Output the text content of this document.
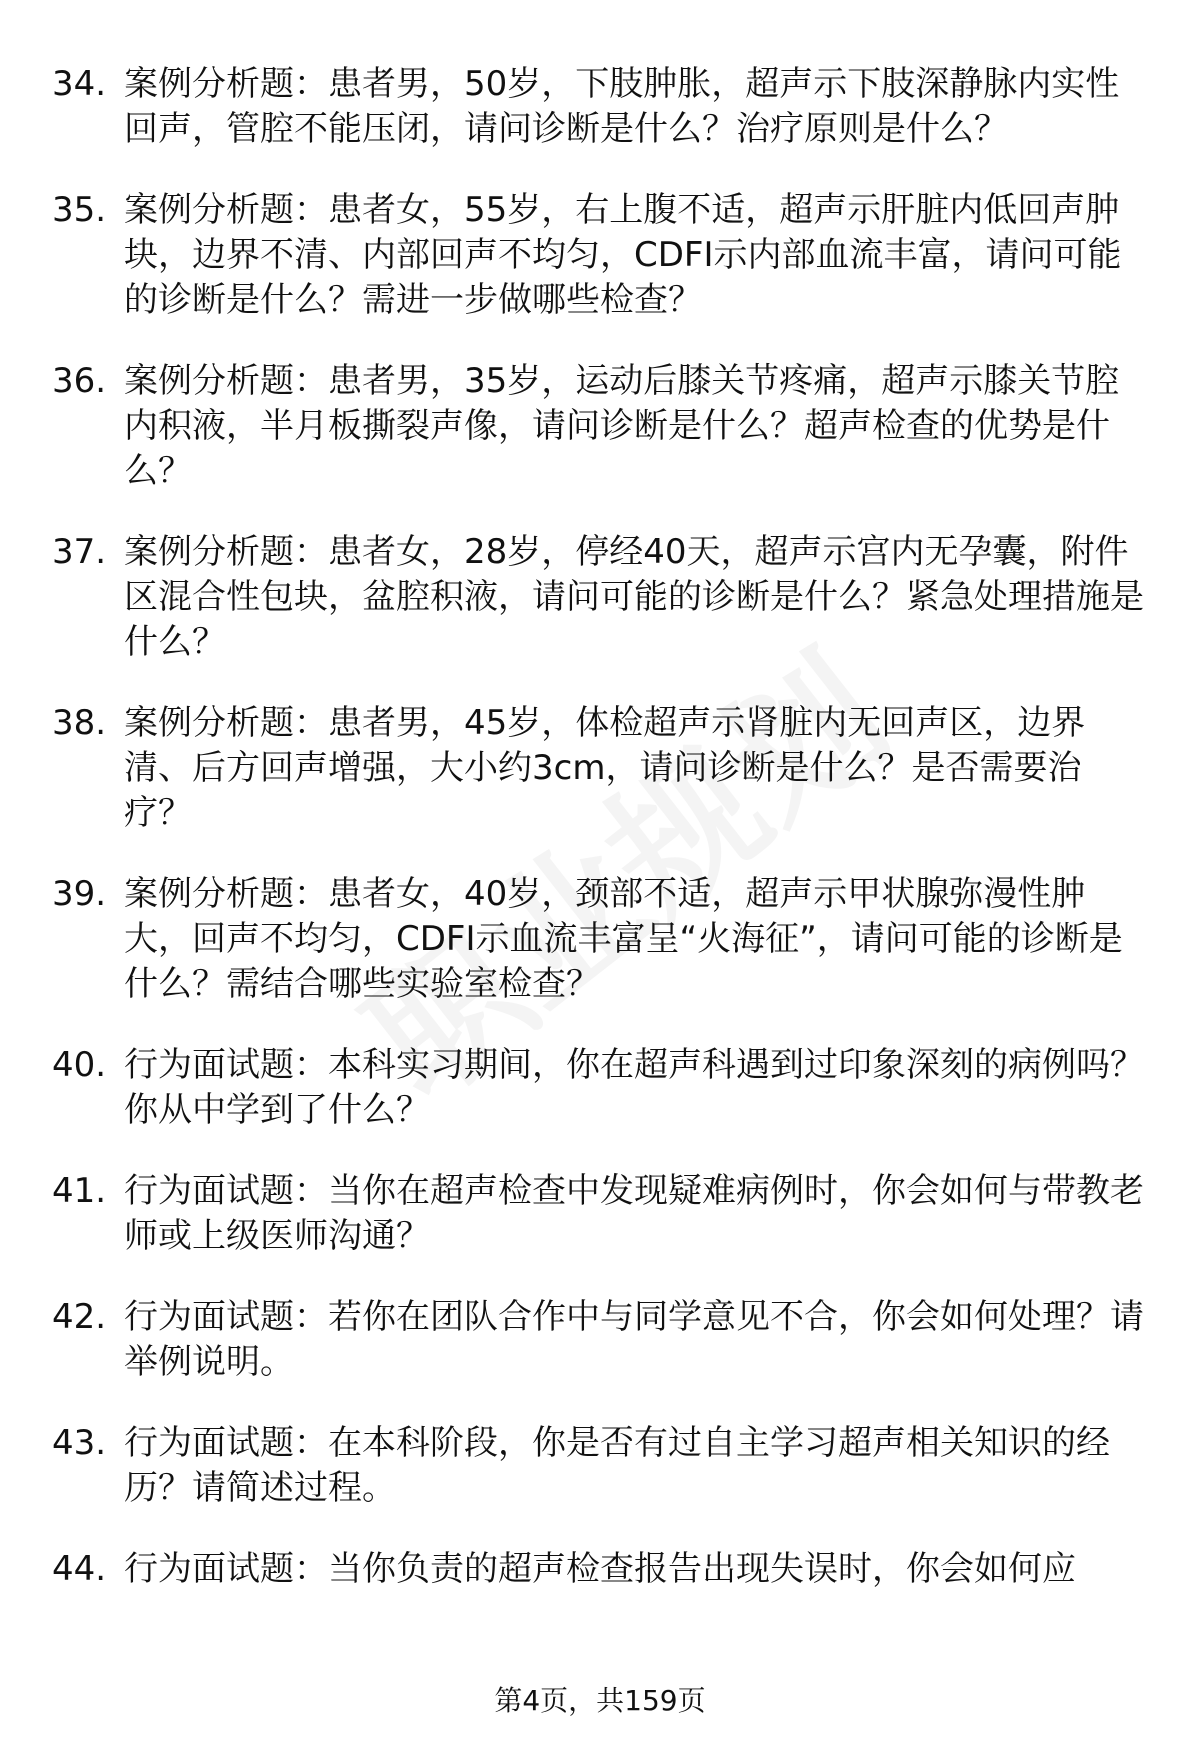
34. 案例分析题：患者男，50岁，下肢肿胀，超声示下肢深静脉内实性回声，管腔不能压闭，请问诊断是什么？治疗原则是什么？
35. 案例分析题：患者女，55岁，右上腹不适，超声示肝脏内低回声肿块，边界不清、内部回声不均匀，CDFI示内部血流丰富，请问可能的诊断是什么？需进一步做哪些检查？
36. 案例分析题：患者男，35岁，运动后膝关节疼痛，超声示膝关节腔内积液，半月板撕裂声像，请问诊断是什么？超声检查的优势是什么？
37. 案例分析题：患者女，28岁，停经40天，超声示宫内无孕囊，附件区混合性包块，盆腔积液，请问可能的诊断是什么？紧急处理措施是什么？
38. 案例分析题：患者男，45岁，体检超声示肾脏内无回声区，边界清、后方回声增强，大小约3cm，请问诊断是什么？是否需要治疗？
39. 案例分析题：患者女，40岁，颈部不适，超声示甲状腺弥漫性肿大，回声不均匀，CDFI示血流丰富呈“火海征”，请问可能的诊断是什么？需结合哪些实验室检查？
40. 行为面试题：本科实习期间，你在超声科遇到过印象深刻的病例吗？你从中学到了什么？
41. 行为面试题：当你在超声检查中发现疑难病例时，你会如何与带教老师或上级医师沟通？
42. 行为面试题：若你在团队合作中与同学意见不合，你会如何处理？请举例说明。
43. 行为面试题：在本科阶段，你是否有过自主学习超声相关知识的经历？请简述过程。
44. 行为面试题：当你负责的超声检查报告出现失误时，你会如何应
第4页，共159页
